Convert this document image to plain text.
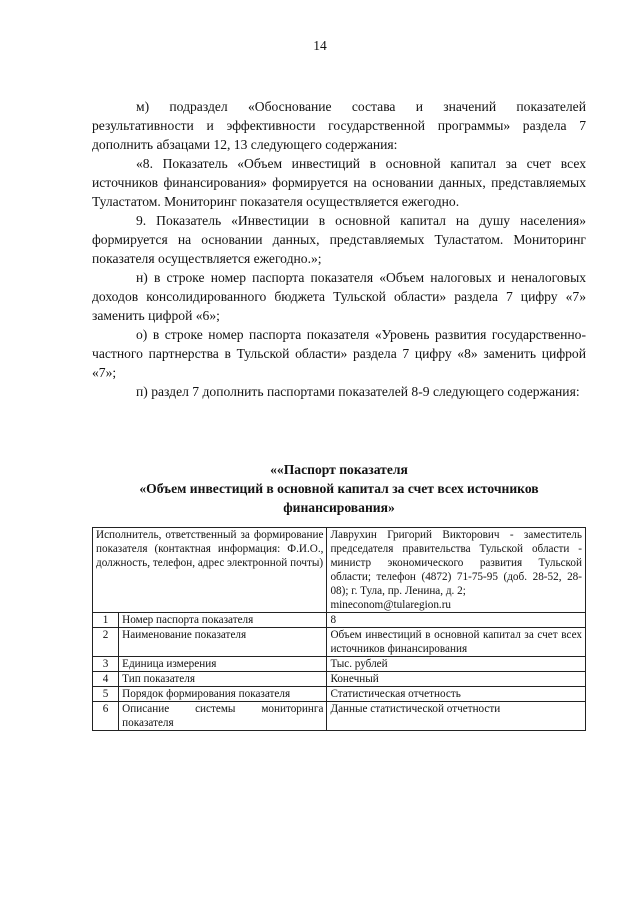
14

м) подраздел «Обоснование состава и значений показателей результативности и эффективности государственной программы» раздела 7 дополнить абзацами 12, 13 следующего содержания:

«8. Показатель «Объем инвестиций в основной капитал за счет всех источников финансирования» формируется на основании данных, представляемых Туластатом. Мониторинг показателя осуществляется ежегодно.

9. Показатель «Инвестиции в основной капитал на душу населения» формируется на основании данных, представляемых Туластатом. Мониторинг показателя осуществляется ежегодно.»;

н) в строке номер паспорта показателя «Объем налоговых и неналоговых доходов консолидированного бюджета Тульской области» раздела 7 цифру «7» заменить цифрой «6»;

о) в строке номер паспорта показателя «Уровень развития государственно-частного партнерства в Тульской области» раздела 7 цифру «8» заменить цифрой «7»;

п) раздел 7 дополнить паспортами показателей 8-9 следующего содержания:

««Паспорт показателя
«Объем инвестиций в основной капитал за счет всех источников финансирования»
Исполнитель, ответственный за формирование показателя (контактная информация: Ф.И.О., должность, телефон, адрес электронной почты)		Лаврухин Григорий Викторович - заместитель председателя правительства Тульской области - министр экономического развития Тульской области; телефон (4872) 71-75-95 (доб. 28-52, 28-08); г. Тула, пр. Ленина, д. 2;
mineconom@tularegion.ru

1	Номер паспорта показателя	8
2	Наименование показателя	Объем инвестиций в основной капитал за счет всех источников финансирования
3	Единица измерения	Тыс. рублей
4	Тип показателя	Конечный
5	Порядок формирования показателя	Статистическая отчетность
6	Описание системы мониторинга показателя	Данные статистической отчетности
